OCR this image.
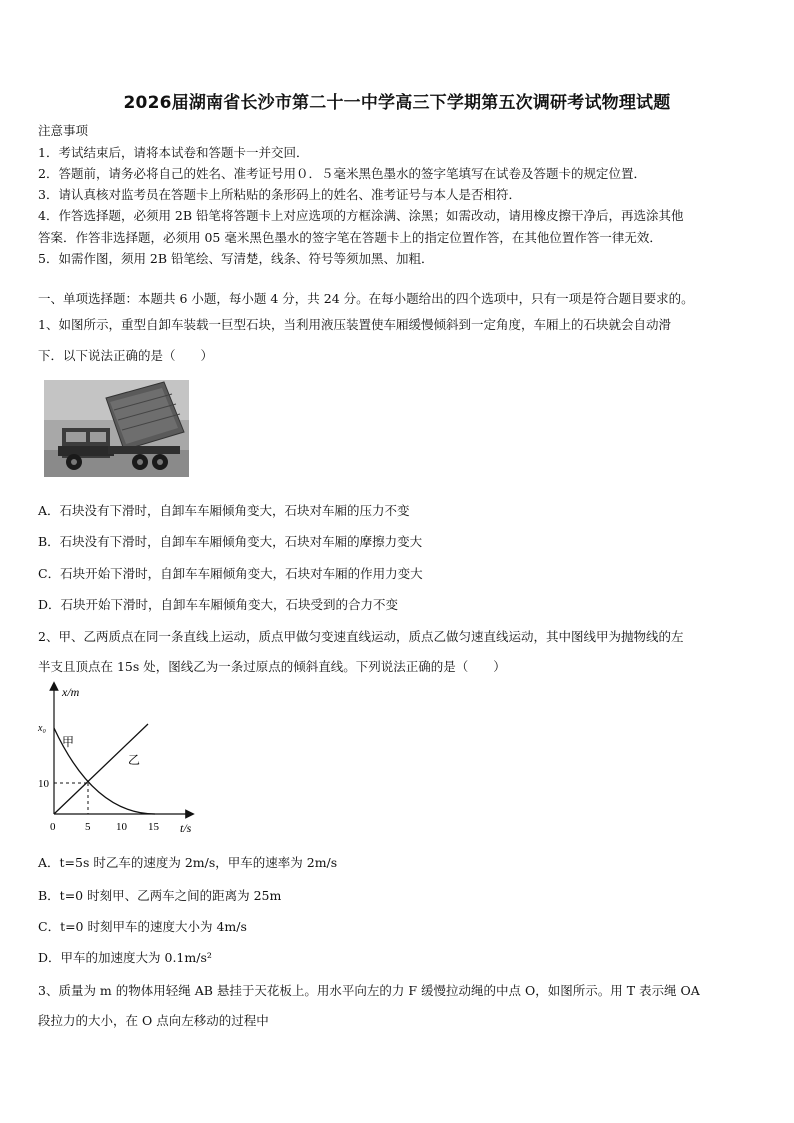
2026届湖南省长沙市第二十一中学高三下学期第五次调研考试物理试题
注意事项
1．考试结束后，请将本试卷和答题卡一并交回．
2．答题前，请务必将自己的姓名、准考证号用０．５毫米黑色墨水的签字笔填写在试卷及答题卡的规定位置．
3．请认真核对监考员在答题卡上所粘贴的条形码上的姓名、准考证号与本人是否相符．
4．作答选择题，必须用 2B 铅笔将答题卡上对应选项的方框涂满、涂黑；如需改动，请用橡皮擦干净后，再选涂其他
答案．作答非选择题，必须用 05 毫米黑色墨水的签字笔在答题卡上的指定位置作答，在其他位置作答一律无效．
5．如需作图，须用 2B 铅笔绘、写清楚，线条、符号等须加黑、加粗．
一、单项选择题：本题共 6 小题，每小题 4 分，共 24 分。在每小题给出的四个选项中，只有一项是符合题目要求的。
1、如图所示，重型自卸车装载一巨型石块，当利用液压装置使车厢缓慢倾斜到一定角度，车厢上的石块就会自动滑
下．以下说法正确的是（　　）
A．石块没有下滑时，自卸车车厢倾角变大，石块对车厢的压力不变
B．石块没有下滑时，自卸车车厢倾角变大，石块对车厢的摩擦力变大
C．石块开始下滑时，自卸车车厢倾角变大，石块对车厢的作用力变大
D．石块开始下滑时，自卸车车厢倾角变大，石块受到的合力不变
2、甲、乙两质点在同一条直线上运动，质点甲做匀变速直线运动，质点乙做匀速直线运动，其中图线甲为抛物线的左
半支且顶点在 15s 处，图线乙为一条过原点的倾斜直线。下列说法正确的是（　　）
x/m
t/s
x₀
10
0	5 10 15
甲
乙
A．t=5s 时乙车的速度为 2m/s，甲车的速率为 2m/s
B．t=0 时刻甲、乙两车之间的距离为 25m
C．t=0 时刻甲车的速度大小为 4m/s
D．甲车的加速度大为 0.1m/s²
3、质量为 m 的物体用轻绳 AB 悬挂于天花板上。用水平向左的力 F 缓慢拉动绳的中点 O，如图所示。用 T 表示绳 OA
段拉力的大小，在 O 点向左移动的过程中
